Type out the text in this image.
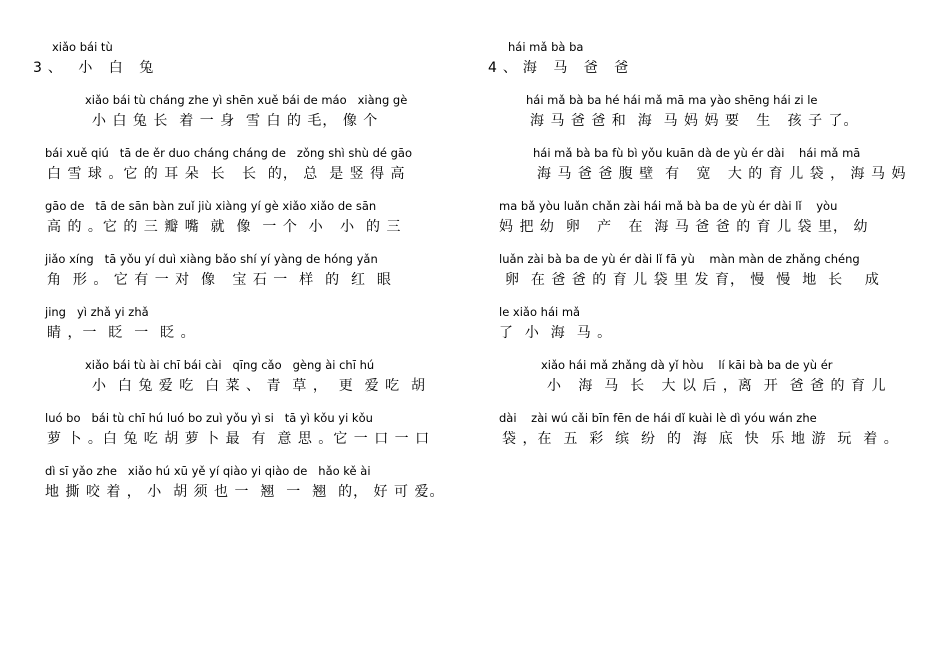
xiǎo bái tù
3、 小 白 兔
xiǎo bái tù cháng zhe yì shēn xuě bái de máo   xiàng gè
小 白 兔 长  着 一 身  雪 白 的 毛， 像 个
bái xuě qiú   tā de ěr duo cháng cháng de   zǒng shì shù dé gāo
白 雪 球 。它 的 耳 朵  长   长  的， 总  是 竖 得 高
gāo de   tā de sān bàn zuǐ jiù xiàng yí gè xiǎo xiǎo de sān
高 的 。它 的 三 瓣 嘴  就  像  一 个  小   小  的 三
jiǎo xíng   tā yǒu yí duì xiàng bǎo shí yí yàng de hóng yǎn
角  形 。 它 有 一 对  像   宝 石 一  样  的  红  眼
jing   yì zhǎ yi zhǎ
睛 ，一  眨  一  眨 。
xiǎo bái tù ài chī bái cài   qīng cǎo   gèng ài chī hú
小  白 兔 爱 吃  白 菜 、 青  草 ，  更  爱 吃  胡
luó bo   bái tù chī hú luó bo zuì yǒu yì si   tā yì kǒu yi kǒu
萝 卜 。白 兔 吃 胡 萝 卜 最  有  意 思 。它 一 口 一 口
dì sī yǎo zhe   xiǎo hú xū yě yí qiào yi qiào de   hǎo kě ài
地 撕 咬 着 ， 小  胡 须 也 一  翘  一  翘  的， 好 可 爱。
hái mǎ bà ba
4、海 马 爸 爸
hái mǎ bà ba hé hái mǎ mā ma yào shēng hái zi le
海 马 爸 爸 和  海  马 妈 妈 要   生   孩 子 了。
hái mǎ bà ba fù bì yǒu kuān dà de yù ér dài    hái mǎ mā
海 马 爸 爸 腹 壁  有   宽   大 的 育 儿 袋 ， 海 马 妈
ma bǎ yòu luǎn chǎn zài hái mǎ bà ba de yù ér dài lǐ    yòu
妈 把 幼  卵   产   在  海 马 爸 爸 的 育 儿 袋 里， 幼
luǎn zài bà ba de yù ér dài lǐ fā yù    màn màn de zhǎng chéng
卵  在 爸 爸 的 育 儿 袋 里 发 育， 慢  慢  地  长    成
le xiǎo hái mǎ
了  小  海  马 。
xiǎo hái mǎ zhǎng dà yǐ hòu    lí kāi bà ba de yù ér
小   海  马  长   大 以 后 ，离  开  爸 爸 的 育 儿
dài    zài wú cǎi bīn fēn de hái dǐ kuài lè dì yóu wán zhe
袋 ，在  五  彩  缤  纷  的  海  底  快  乐 地 游  玩  着 。
